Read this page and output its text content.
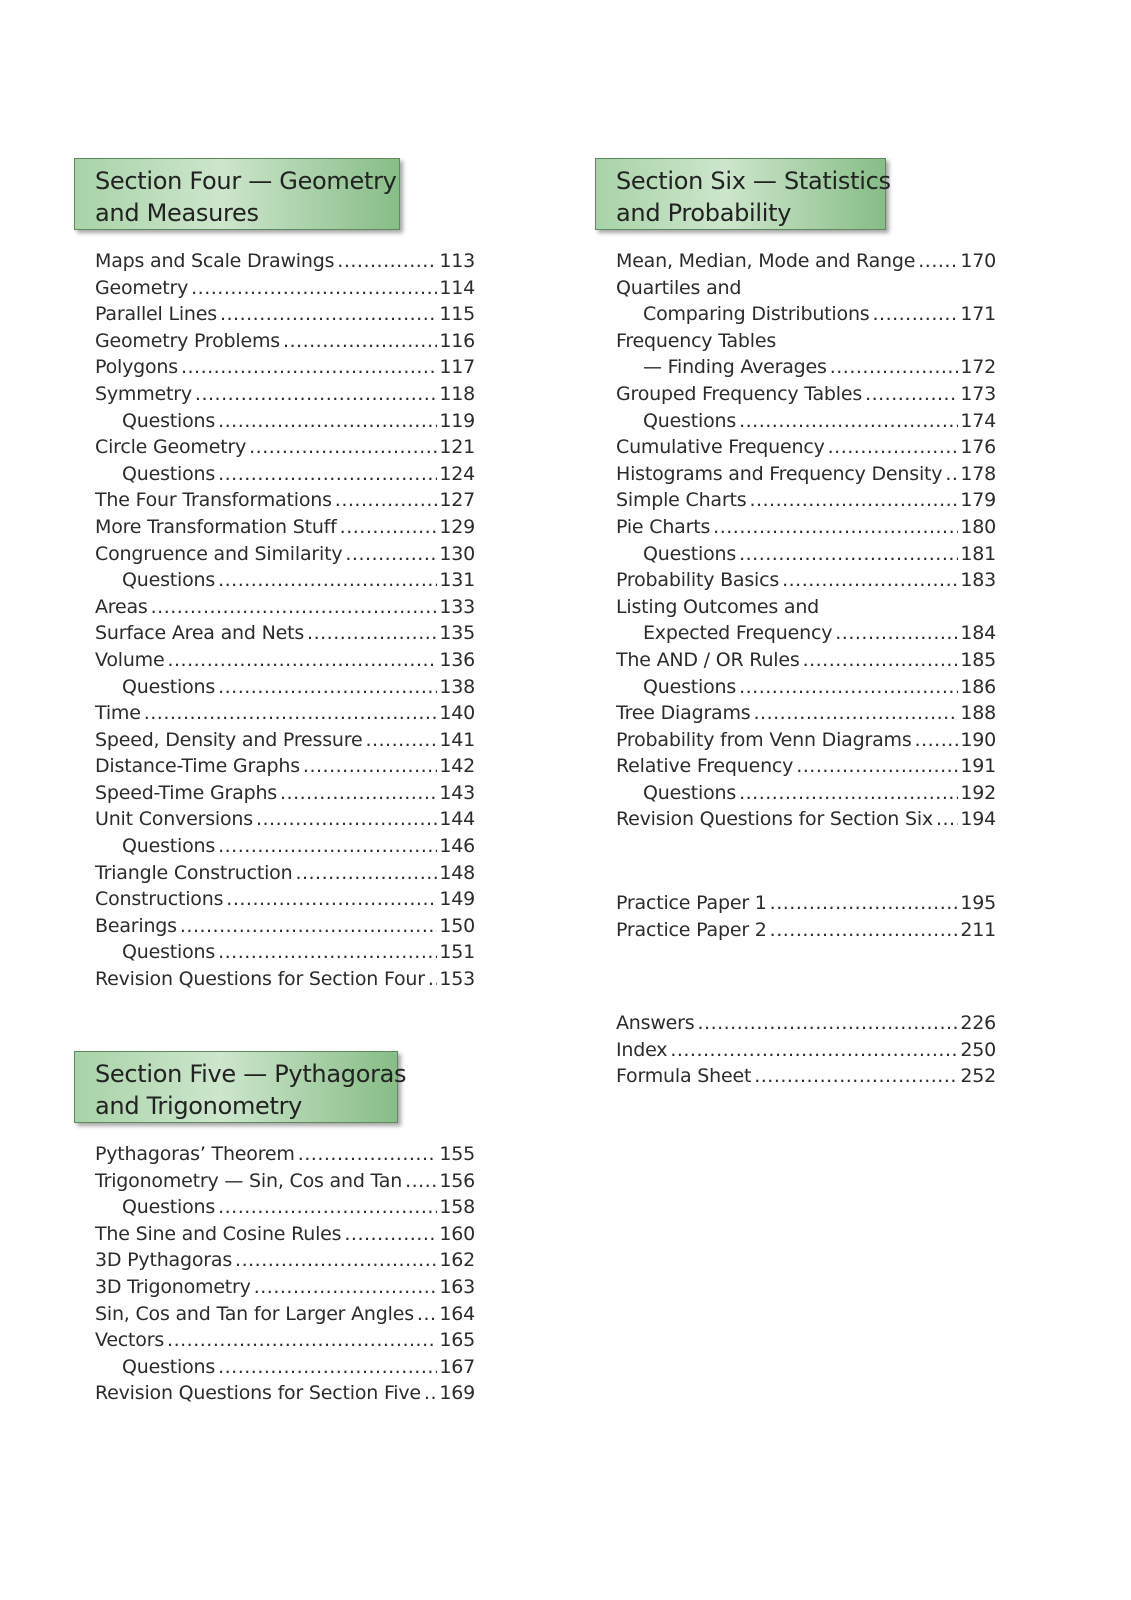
Section Four — Geometry
and Measures
Maps and Scale Drawings .....	113
Geometry .....	114
Parallel Lines .....	115
Geometry Problems .....	116
Polygons .....	117
Symmetry .....	118
Questions .....	119
Circle Geometry .....	121
Questions .....	124
The Four Transformations .....	127
More Transformation Stuff .....	129
Congruence and Similarity .....	130
Questions .....	131
Areas .....	133
Surface Area and Nets .....	135
Volume .....	136
Questions .....	138
Time .....	140
Speed, Density and Pressure .....	141
Distance-Time Graphs .....	142
Speed-Time Graphs .....	143
Unit Conversions .....	144
Questions .....	146
Triangle Construction .....	148
Constructions .....	149
Bearings .....	150
Questions .....	151
Revision Questions for Section Four ..... 153
Section Five — Pythagoras
and Trigonometry
Pythagoras’ Theorem .....	155
Trigonometry — Sin, Cos and Tan ..... 156
Questions .....	158
The Sine and Cosine Rules .....	160
3D Pythagoras .....	162
3D Trigonometry .....	163
Sin, Cos and Tan for Larger Angles ..... 164
Vectors .....	165
Questions .....	167
Revision Questions for Section Five ..... 169
Section Six — Statistics
and Probability
Mean, Median, Mode and Range ..... 170
Quartiles and
Comparing Distributions .....	171
Frequency Tables
— Finding Averages .....	172
Grouped Frequency Tables .....	173
Questions .....	174
Cumulative Frequency .....	176
Histograms and Frequency Density ..... 178
Simple Charts .....	179
Pie Charts .....	180
Questions .....	181
Probability Basics .....	183
Listing Outcomes and
Expected Frequency .....	184
The AND / OR Rules .....	185
Questions .....	186
Tree Diagrams .....	188
Probability from Venn Diagrams .....	190
Relative Frequency .....	191
Questions .....	192
Revision Questions for Section Six ..... 194
Practice Paper 1 .....	195
Practice Paper 2 .....	211
Answers .....	226
Index .....	250
Formula Sheet .....	252
